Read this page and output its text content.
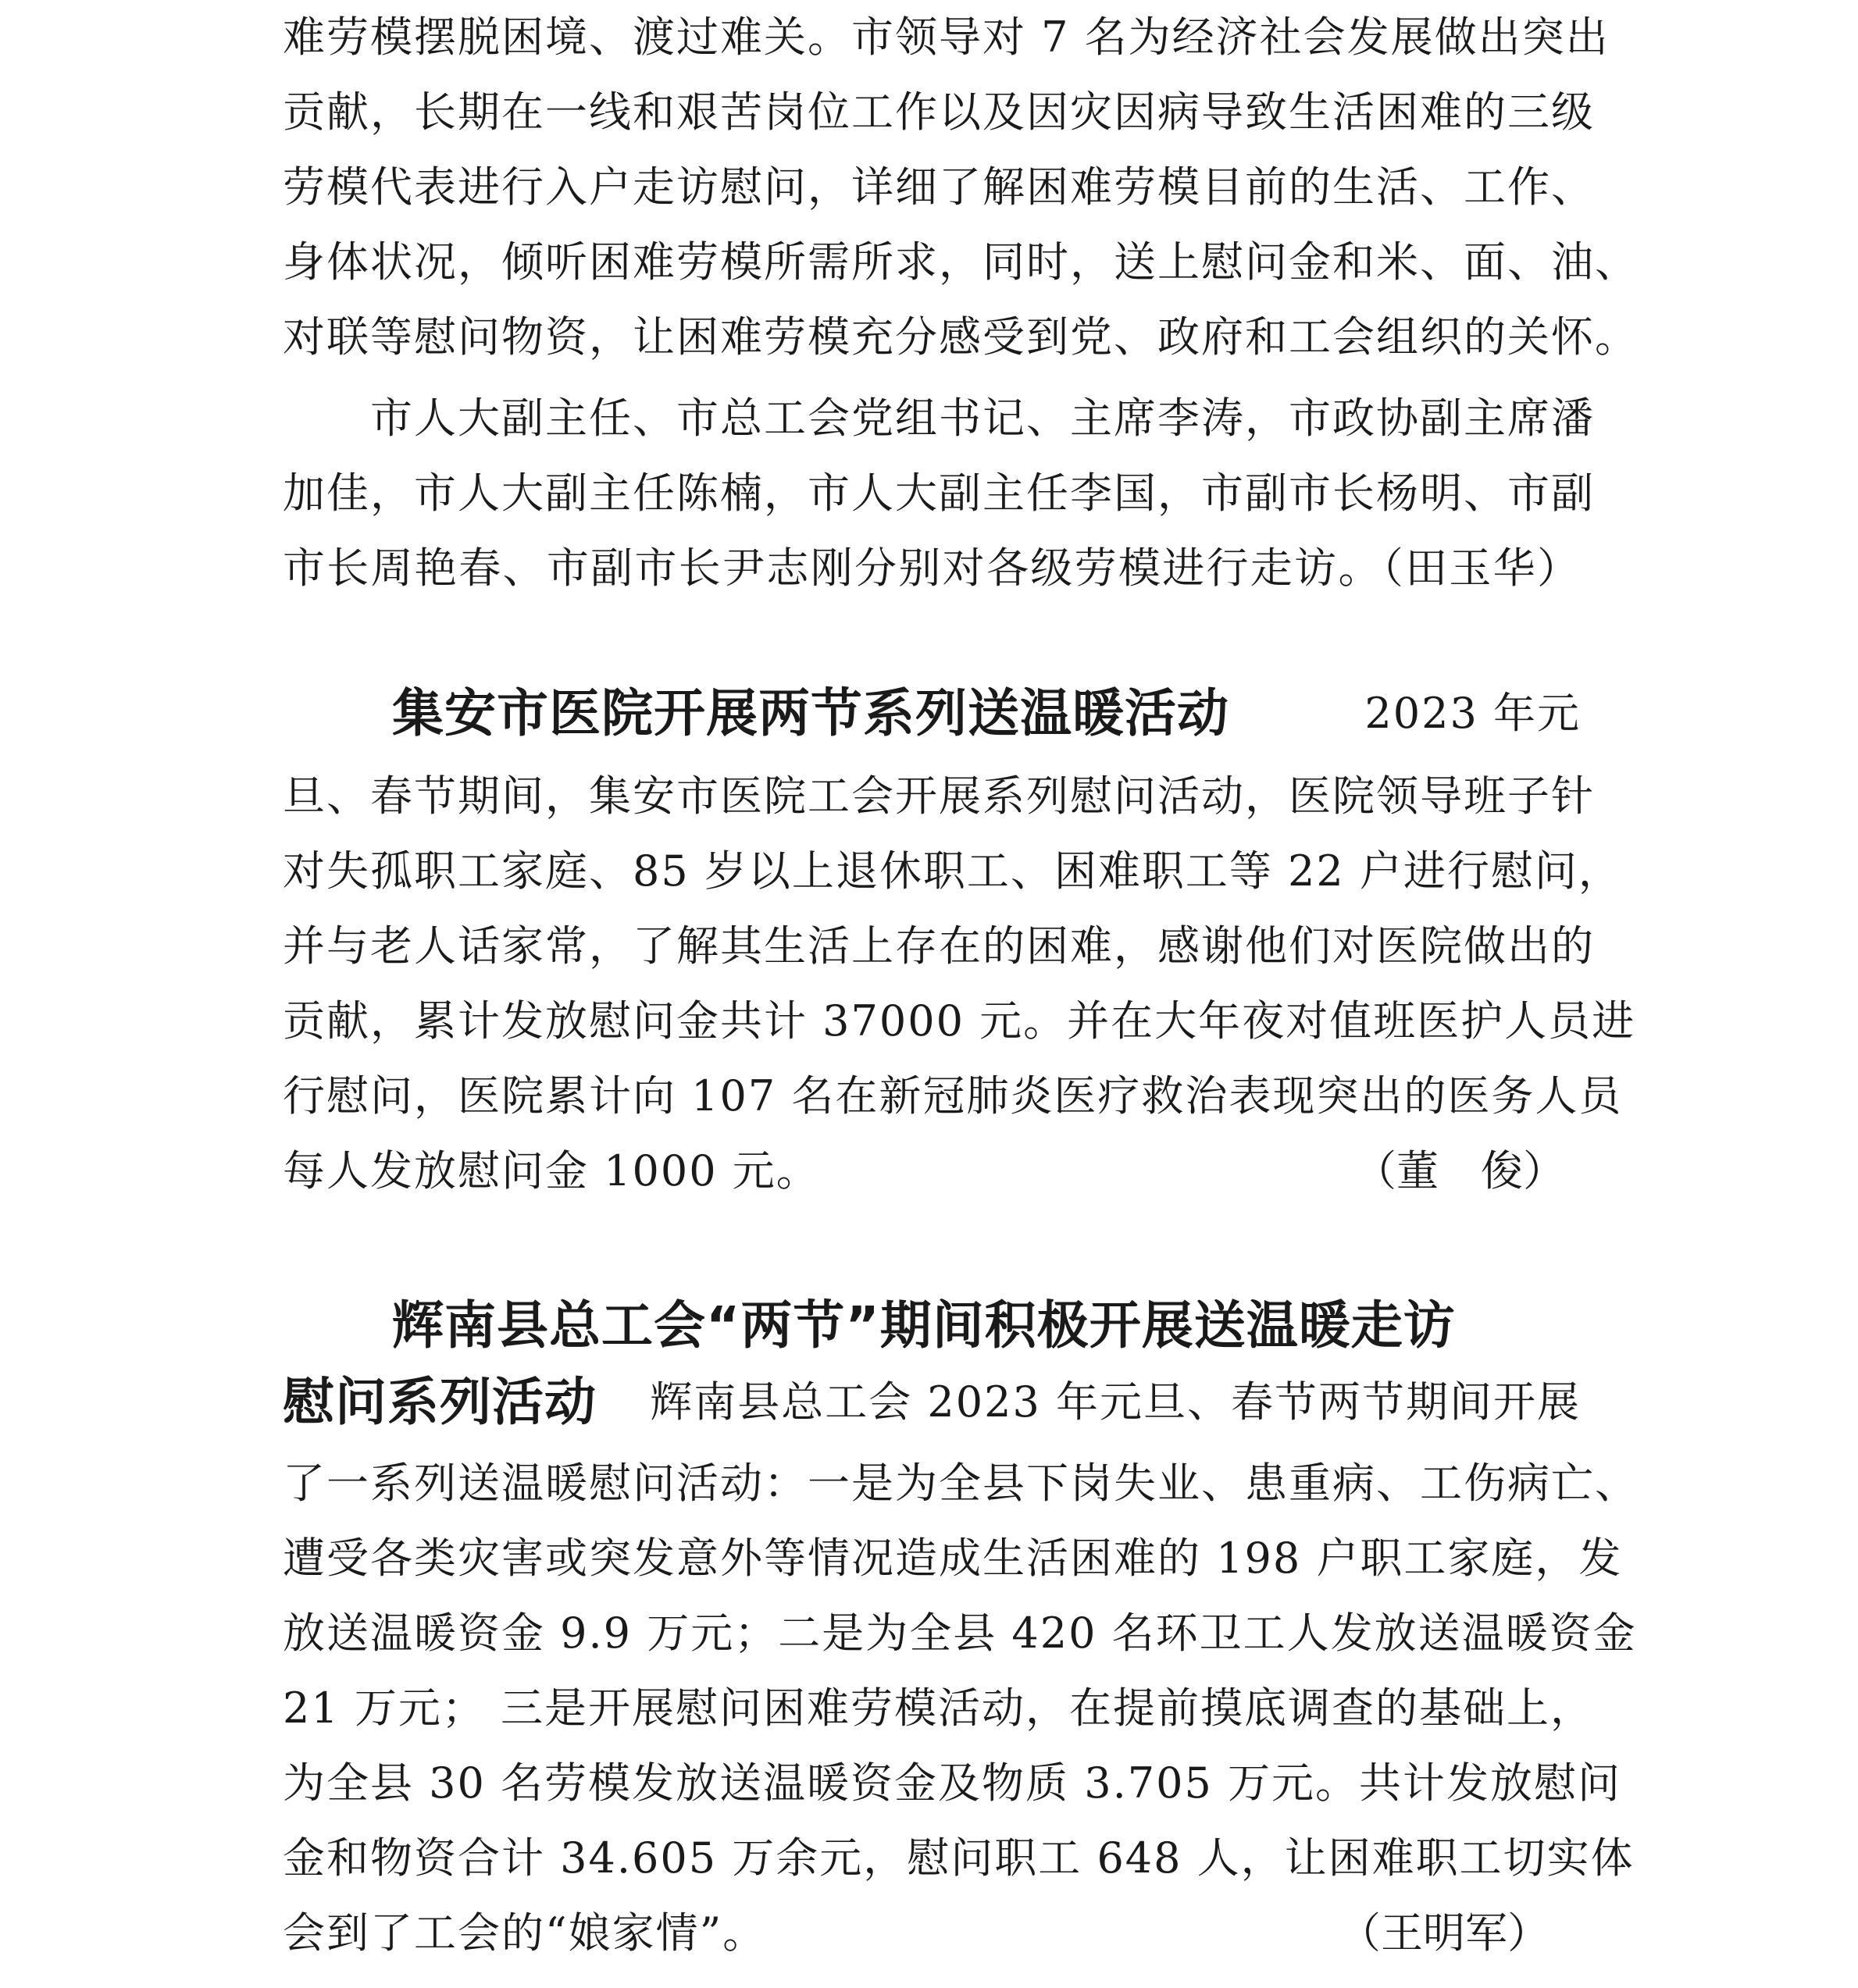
难劳模摆脱困境、渡过难关。市领导对 7 名为经济社会发展做出突出
贡献，长期在一线和艰苦岗位工作以及因灾因病导致生活困难的三级
劳模代表进行入户走访慰问，详细了解困难劳模目前的生活、工作、
身体状况，倾听困难劳模所需所求，同时，送上慰问金和米、面、油、
对联等慰问物资，让困难劳模充分感受到党、政府和工会组织的关怀。
市人大副主任、市总工会党组书记、主席李涛，市政协副主席潘
加佳，市人大副主任陈楠，市人大副主任李国，市副市长杨明、市副
市长周艳春、市副市长尹志刚分别对各级劳模进行走访。（田玉华）
集安市医院开展两节系列送温暖活动	2023 年元
旦、春节期间，集安市医院工会开展系列慰问活动，医院领导班子针
对失孤职工家庭、85 岁以上退休职工、困难职工等 22 户进行慰问，
并与老人话家常，了解其生活上存在的困难，感谢他们对医院做出的
贡献，累计发放慰问金共计 37000 元。并在大年夜对值班医护人员进
行慰问，医院累计向 107 名在新冠肺炎医疗救治表现突出的医务人员
每人发放慰问金 1000 元。	（董　俊）
辉南县总工会“两节”期间积极开展送温暖走访
慰问系列活动 辉南县总工会 2023 年元旦、春节两节期间开展
了一系列送温暖慰问活动：一是为全县下岗失业、患重病、工伤病亡、
遭受各类灾害或突发意外等情况造成生活困难的 198 户职工家庭，发
放送温暖资金 9.9 万元；二是为全县 420 名环卫工人发放送温暖资金
21 万元； 三是开展慰问困难劳模活动，在提前摸底调查的基础上，
为全县 30 名劳模发放送温暖资金及物质 3.705 万元。共计发放慰问
金和物资合计 34.605 万余元，慰问职工 648 人，让困难职工切实体
会到了工会的“娘家情”。	（王明军）
